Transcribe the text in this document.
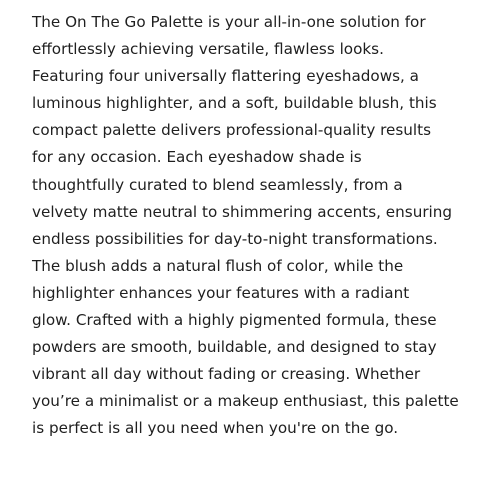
The On The Go Palette is your all-in-one solution for
effortlessly achieving versatile, flawless looks.
Featuring four universally flattering eyeshadows, a
luminous highlighter, and a soft, buildable blush, this
compact palette delivers professional-quality results
for any occasion. Each eyeshadow shade is
thoughtfully curated to blend seamlessly, from a
velvety matte neutral to shimmering accents, ensuring
endless possibilities for day-to-night transformations.
The blush adds a natural flush of color, while the
highlighter enhances your features with a radiant
glow. Crafted with a highly pigmented formula, these
powders are smooth, buildable, and designed to stay
vibrant all day without fading or creasing. Whether
you’re a minimalist or a makeup enthusiast, this palette
is perfect is all you need when you're on the go.
